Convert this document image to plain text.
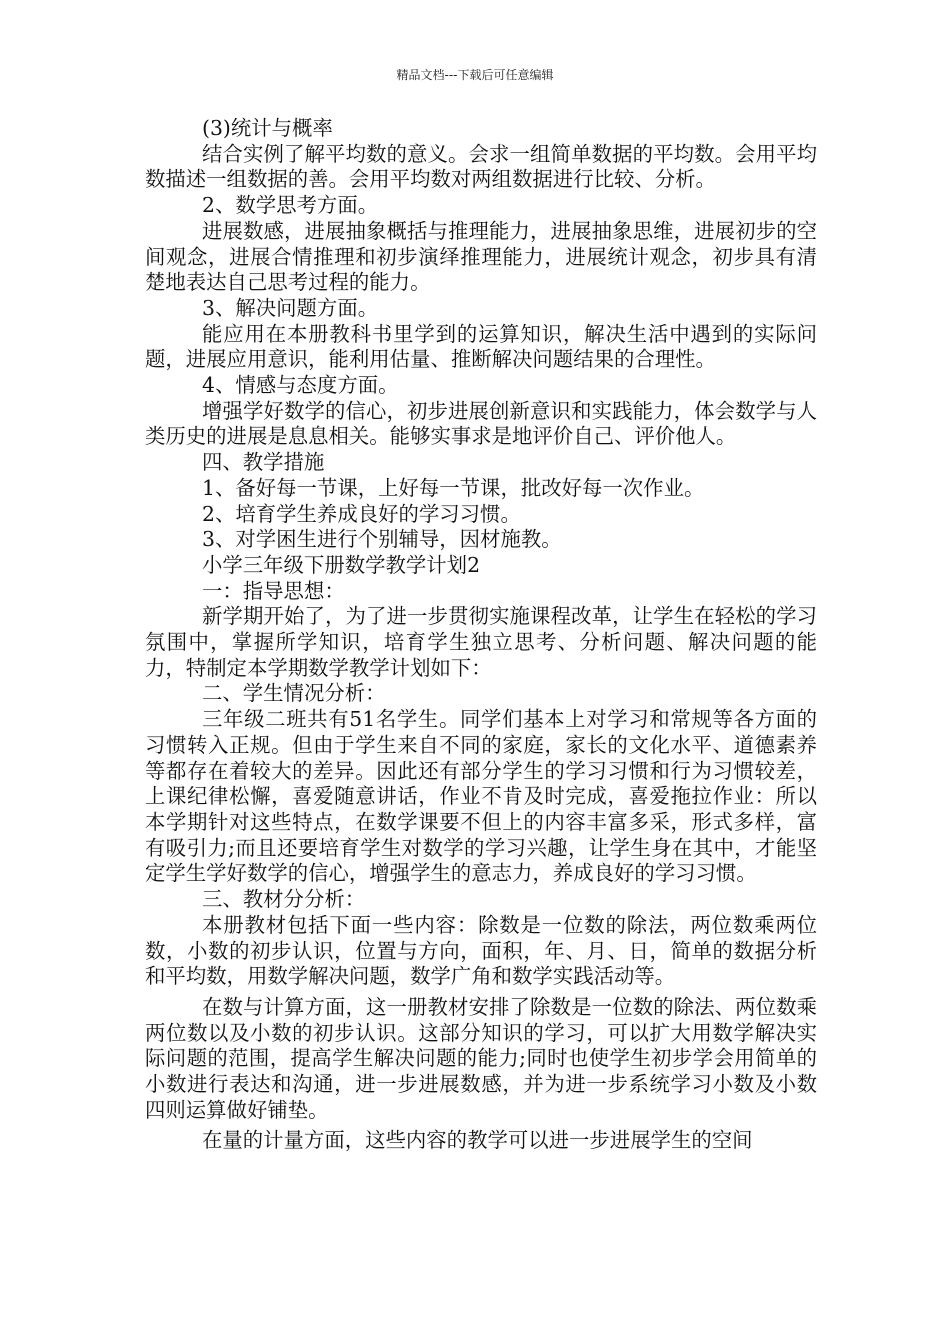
精品文档---下载后可任意编辑

(3)统计与概率

结合实例了解平均数的意义。会求一组简单数据的平均数。会用平均数描述一组数据的善。会用平均数对两组数据进行比较、分析。

2、数学思考方面。

进展数感，进展抽象概括与推理能力，进展抽象思维，进展初步的空间观念，进展合情推理和初步演绎推理能力，进展统计观念，初步具有清楚地表达自己思考过程的能力。

3、解决问题方面。

能应用在本册教科书里学到的运算知识，解决生活中遇到的实际问题，进展应用意识，能利用估量、推断解决问题结果的合理性。

4、情感与态度方面。

增强学好数学的信心，初步进展创新意识和实践能力，体会数学与人类历史的进展是息息相关。能够实事求是地评价自己、评价他人。

四、教学措施

1、备好每一节课，上好每一节课，批改好每一次作业。

2、培育学生养成良好的学习习惯。

3、对学困生进行个别辅导，因材施教。

小学三年级下册数学教学计划2

一：指导思想：

新学期开始了，为了进一步贯彻实施课程改革，让学生在轻松的学习氛围中，掌握所学知识，培育学生独立思考、分析问题、解决问题的能力，特制定本学期数学教学计划如下：

二、学生情况分析：

三年级二班共有51名学生。同学们基本上对学习和常规等各方面的习惯转入正规。但由于学生来自不同的家庭，家长的文化水平、道德素养等都存在着较大的差异。因此还有部分学生的学习习惯和行为习惯较差，上课纪律松懈，喜爱随意讲话，作业不肯及时完成，喜爱拖拉作业：所以本学期针对这些特点，在数学课要不但上的内容丰富多采，形式多样，富有吸引力;而且还要培育学生对数学的学习兴趣，让学生身在其中，才能坚定学生学好数学的信心，增强学生的意志力，养成良好的学习习惯。

三、教材分分析：

本册教材包括下面一些内容：除数是一位数的除法，两位数乘两位数，小数的初步认识，位置与方向，面积，年、月、日，简单的数据分析和平均数，用数学解决问题，数学广角和数学实践活动等。

在数与计算方面，这一册教材安排了除数是一位数的除法、两位数乘两位数以及小数的初步认识。这部分知识的学习，可以扩大用数学解决实际问题的范围，提高学生解决问题的能力;同时也使学生初步学会用简单的小数进行表达和沟通，进一步进展数感，并为进一步系统学习小数及小数四则运算做好铺垫。

在量的计量方面，这些内容的教学可以进一步进展学生的空间
